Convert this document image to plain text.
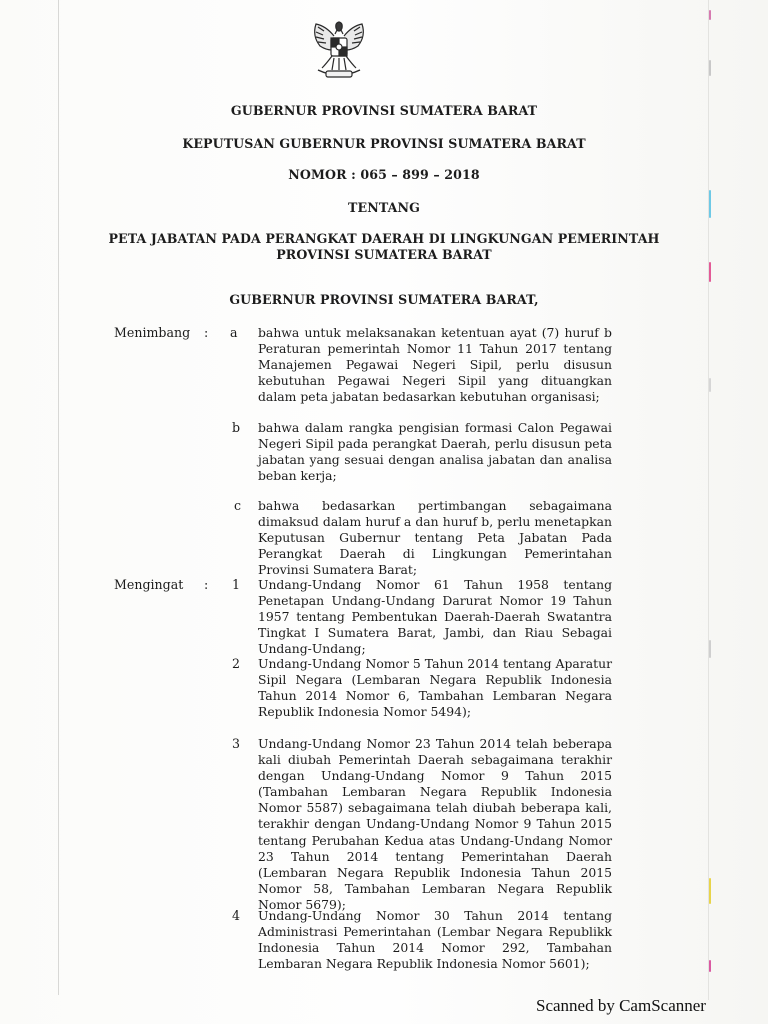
GUBERNUR PROVINSI SUMATERA BARAT
KEPUTUSAN GUBERNUR PROVINSI SUMATERA BARAT
NOMOR : 065 – 899 – 2018
TENTANG
PETA JABATAN PADA PERANGKAT DAERAH DI LINGKUNGAN PEMERINTAH
PROVINSI SUMATERA BARAT
GUBERNUR PROVINSI SUMATERA BARAT,
Menimbang : a bahwa untuk melaksanakan ketentuan ayat (7) huruf b Peraturan pemerintah Nomor 11 Tahun 2017 tentang Manajemen Pegawai Negeri Sipil, perlu disusun kebutuhan Pegawai Negeri Sipil yang dituangkan dalam peta jabatan bedasarkan kebutuhan organisasi;
b bahwa dalam rangka pengisian formasi Calon Pegawai Negeri Sipil pada perangkat Daerah, perlu disusun peta jabatan yang sesuai dengan analisa jabatan dan analisa beban kerja;
c bahwa bedasarkan pertimbangan sebagaimana dimaksud dalam huruf a dan huruf b, perlu menetapkan Keputusan Gubernur tentang Peta Jabatan Pada Perangkat Daerah di Lingkungan Pemerintahan Provinsi Sumatera Barat;
Mengingat : 1 Undang-Undang Nomor 61 Tahun 1958 tentang Penetapan Undang-Undang Darurat Nomor 19 Tahun 1957 tentang Pembentukan Daerah-Daerah Swatantra Tingkat I Sumatera Barat, Jambi, dan Riau Sebagai Undang-Undang;
2 Undang-Undang Nomor 5 Tahun 2014 tentang Aparatur Sipil Negara (Lembaran Negara Republik Indonesia Tahun 2014 Nomor 6, Tambahan Lembaran Negara Republik Indonesia Nomor 5494);
3 Undang-Undang Nomor 23 Tahun 2014 telah beberapa kali diubah Pemerintah Daerah sebagaimana terakhir dengan Undang-Undang Nomor 9 Tahun 2015 (Tambahan Lembaran Negara Republik Indonesia Nomor 5587) sebagaimana telah diubah beberapa kali, terakhir dengan Undang-Undang Nomor 9 Tahun 2015 tentang Perubahan Kedua atas Undang-Undang Nomor 23 Tahun 2014 tentang Pemerintahan Daerah (Lembaran Negara Republik Indonesia Tahun 2015 Nomor 58, Tambahan Lembaran Negara Republik Nomor 5679);
4 Undang-Undang Nomor 30 Tahun 2014 tentang Administrasi Pemerintahan (Lembar Negara Republikk Indonesia Tahun 2014 Nomor 292, Tambahan Lembaran Negara Republik Indonesia Nomor 5601);
Scanned by CamScanner
